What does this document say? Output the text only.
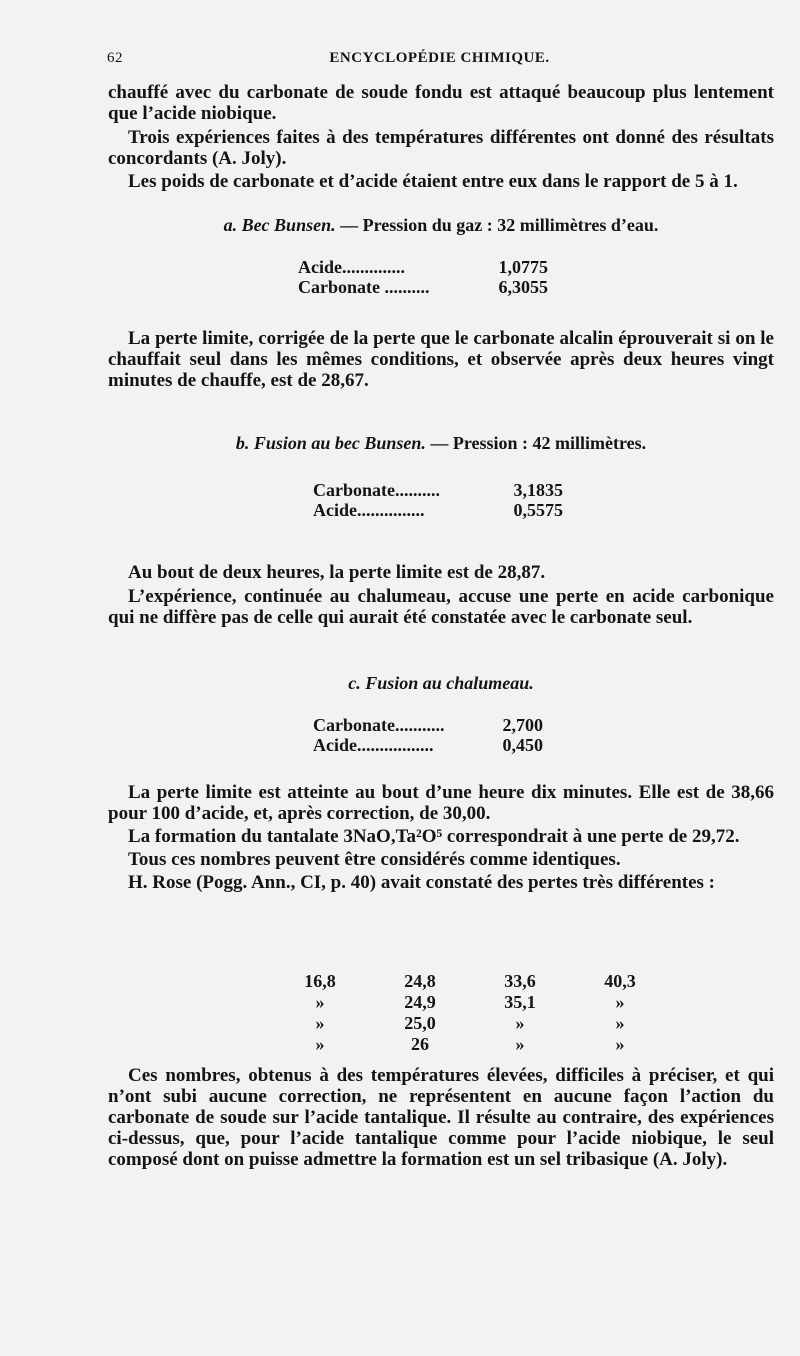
62	ENCYCLOPÉDIE CHIMIQUE.
chauffé avec du carbonate de soude fondu est attaqué beaucoup plus lentement que l’acide niobique.
Trois expériences faites à des températures différentes ont donné des résultats concordants (A. Joly).
Les poids de carbonate et d’acide étaient entre eux dans le rapport de 5 à 1.
a. Bec Bunsen. — Pression du gaz : 32 millimètres d’eau.
Acide..............	1,0775
Carbonate ..........	6,3055
La perte limite, corrigée de la perte que le carbonate alcalin éprouverait si on le chauffait seul dans les mêmes conditions, et observée après deux heures vingt minutes de chauffe, est de 28,67.
b. Fusion au bec Bunsen. — Pression : 42 millimètres.
Carbonate..........	3,1835
Acide...............	0,5575
Au bout de deux heures, la perte limite est de 28,87.
L’expérience, continuée au chalumeau, accuse une perte en acide carbonique qui ne diffère pas de celle qui aurait été constatée avec le carbonate seul.
c. Fusion au chalumeau.
Carbonate...........	2,700
Acide.................	0,450
La perte limite est atteinte au bout d’une heure dix minutes. Elle est de 38,66 pour 100 d’acide, et, après correction, de 30,00.
La formation du tantalate 3NaO,Ta²O⁵ correspondrait à une perte de 29,72.
Tous ces nombres peuvent être considérés comme identiques.
H. Rose (Pogg. Ann., CI, p. 40) avait constaté des pertes très différentes :
16,8	24,8	33,6	40,3
»	24,9	35,1	»
»	25,0	»	»
»	26	»	»
Ces nombres, obtenus à des températures élevées, difficiles à préciser, et qui n’ont subi aucune correction, ne représentent en aucune façon l’action du carbonate de soude sur l’acide tantalique. Il résulte au contraire, des expériences ci-dessus, que, pour l’acide tantalique comme pour l’acide niobique, le seul composé dont on puisse admettre la formation est un sel tribasique (A. Joly).
